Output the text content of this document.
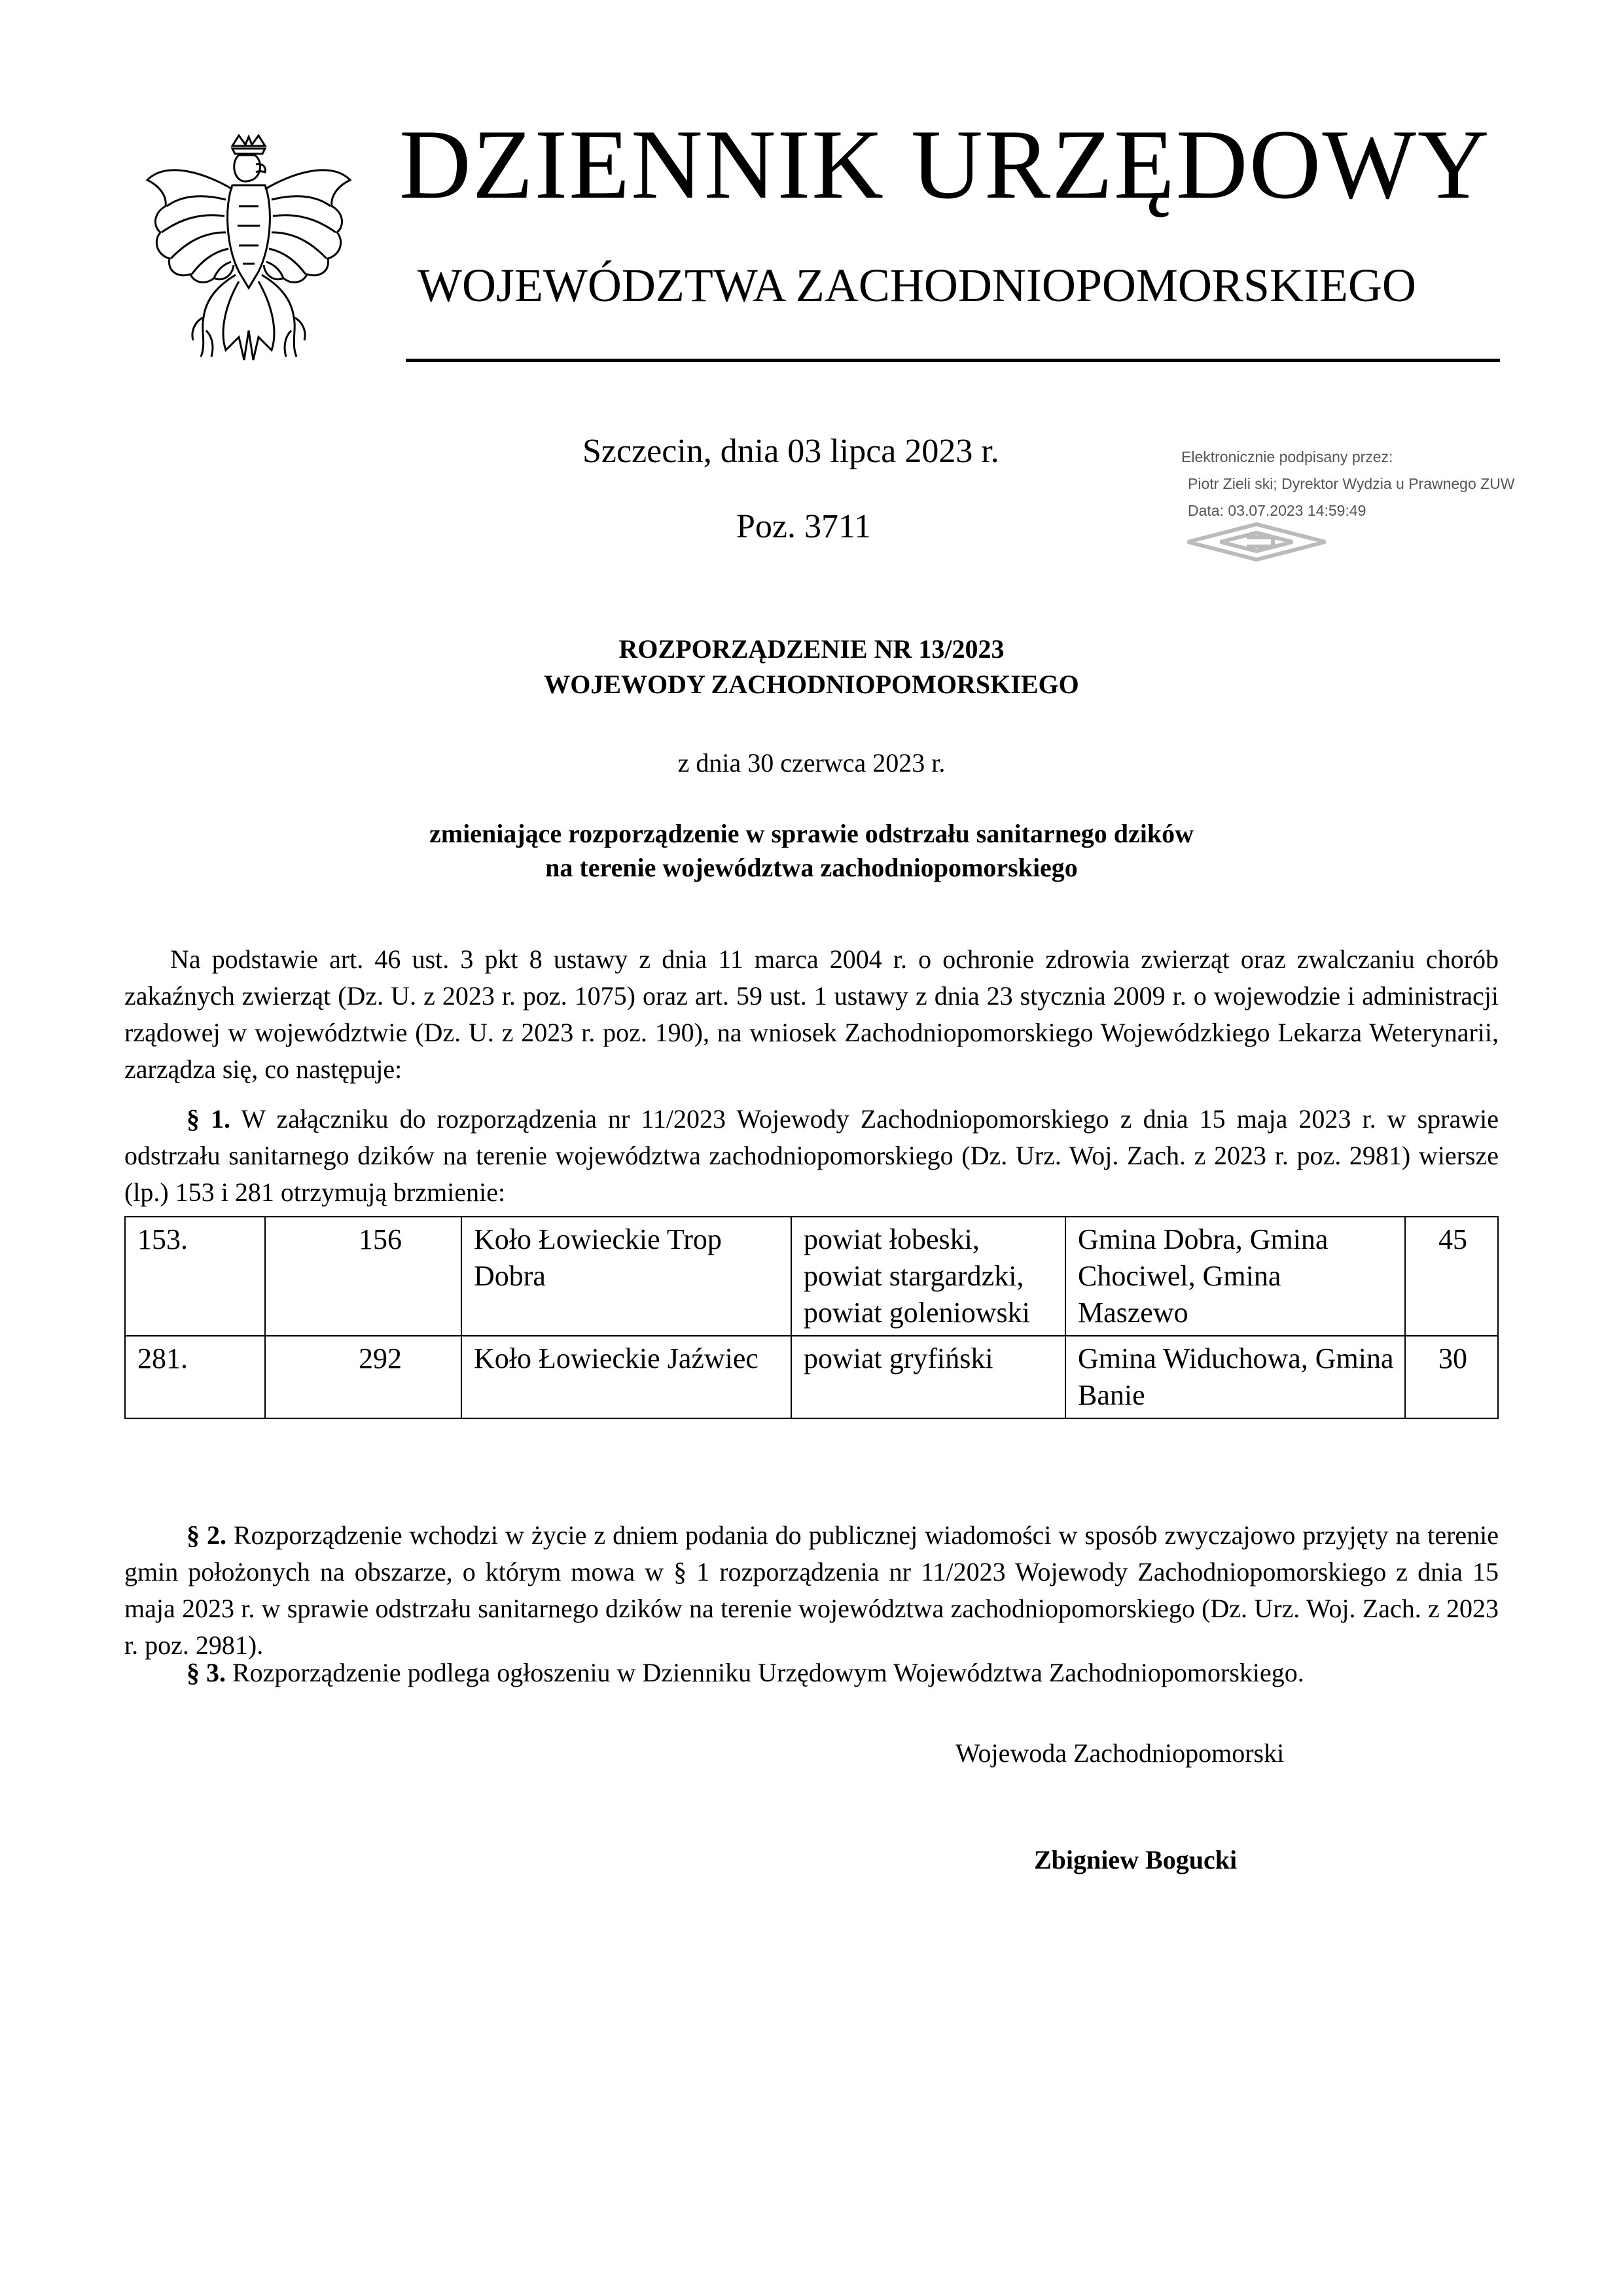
DZIENNIK URZĘDOWY
WOJEWÓDZTWA ZACHODNIOPOMORSKIEGO
Szczecin, dnia 03 lipca 2023 r.
Poz. 3711
Elektronicznie podpisany przez:
Piotr Zieli ski; Dyrektor Wydzia u Prawnego ZUW
Data: 03.07.2023 14:59:49
ROZPORZĄDZENIE NR 13/2023
WOJEWODY ZACHODNIOPOMORSKIEGO
z dnia 30 czerwca 2023 r.
zmieniające rozporządzenie w sprawie odstrzału sanitarnego dzików
na terenie województwa zachodniopomorskiego

Na podstawie art. 46 ust. 3 pkt 8 ustawy z dnia 11 marca 2004 r. o ochronie zdrowia zwierząt oraz zwalczaniu chorób zakaźnych zwierząt (Dz. U. z 2023 r. poz. 1075) oraz art. 59 ust. 1 ustawy z dnia 23 stycznia 2009 r. o wojewodzie i administracji rządowej w województwie (Dz. U. z 2023 r. poz. 190), na wniosek Zachodniopomorskiego Wojewódzkiego Lekarza Weterynarii, zarządza się, co następuje:

§ 1. W załączniku do rozporządzenia nr 11/2023 Wojewody Zachodniopomorskiego z dnia 15 maja 2023 r. w sprawie odstrzału sanitarnego dzików na terenie województwa zachodniopomorskiego (Dz. Urz. Woj. Zach. z 2023 r. poz. 2981) wiersze (lp.) 153 i 281 otrzymują brzmienie:

153.	156	Koło Łowieckie Trop Dobra	powiat łobeski, powiat stargardzki, powiat goleniowski	Gmina Dobra, Gmina Chociwel, Gmina Maszewo	45
281.	292	Koło Łowieckie Jaźwiec	powiat gryfiński	Gmina Widuchowa, Gmina Banie	30

§ 2. Rozporządzenie wchodzi w życie z dniem podania do publicznej wiadomości w sposób zwyczajowo przyjęty na terenie gmin położonych na obszarze, o którym mowa w § 1 rozporządzenia nr 11/2023 Wojewody Zachodniopomorskiego z dnia 15 maja 2023 r. w sprawie odstrzału sanitarnego dzików na terenie województwa zachodniopomorskiego (Dz. Urz. Woj. Zach. z 2023 r. poz. 2981).

§ 3. Rozporządzenie podlega ogłoszeniu w Dzienniku Urzędowym Województwa Zachodniopomorskiego.

Wojewoda Zachodniopomorski
Zbigniew Bogucki
